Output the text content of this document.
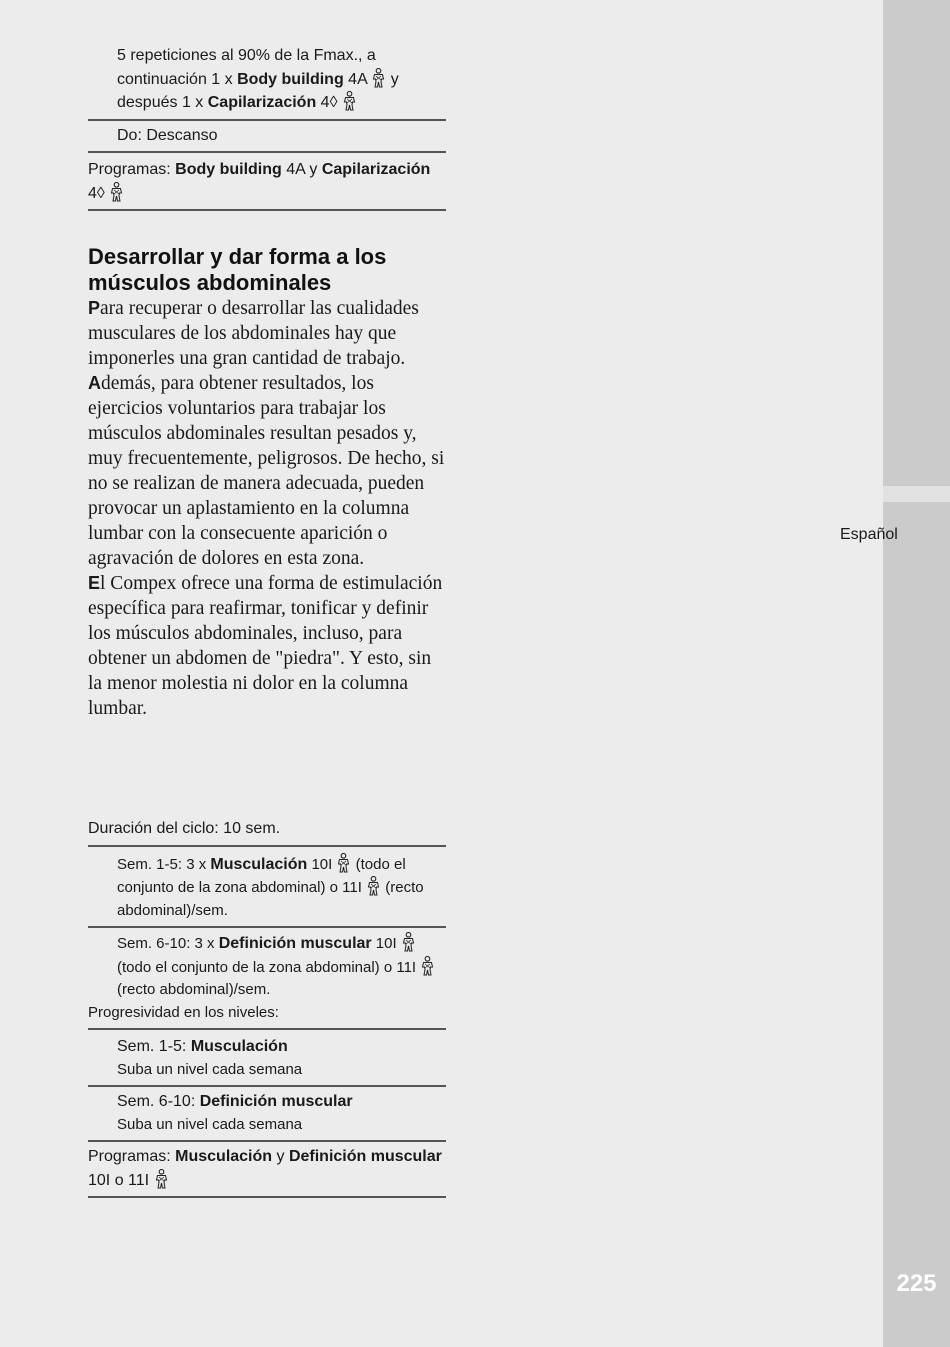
225
Español
5 repeticiones al 90% de la Fmax., a continuación 1 x Body building 4A  y después 1 x Capilarización 4◊
Do: Descanso
Programas: Body building 4A y Capilarización 4◊
Desarrollar y dar forma a los músculos abdominales

Para recuperar o desarrollar las cualidades musculares de los abdominales hay que imponerles una gran cantidad de trabajo.

Además, para obtener resultados, los ejercicios voluntarios para trabajar los músculos abdominales resultan pesados y, muy frecuentemente, peligrosos. De hecho, si no se realizan de manera adecuada, pueden provocar un aplastamiento en la columna lumbar con la consecuente aparición o agravación de dolores en esta zona.

El Compex ofrece una forma de estimulación específica para reafirmar, tonificar y definir los músculos abdominales, incluso, para obtener un abdomen de "piedra". Y esto, sin la menor molestia ni dolor en la columna lumbar.

Duración del ciclo: 10 sem.
Sem. 1-5: 3 x Musculación 10I  (todo el conjunto de la zona abdominal) o 11I  (recto abdominal)/sem.
Sem. 6-10: 3 x Definición muscular 10I  (todo el conjunto de la zona abdominal) o 11I  (recto abdominal)/sem.
Progresividad en los niveles:
Sem. 1-5: Musculación
Suba un nivel cada semana
Sem. 6-10: Definición muscular
Suba un nivel cada semana
Programas: Musculación y Definición muscular 10I o 11I
